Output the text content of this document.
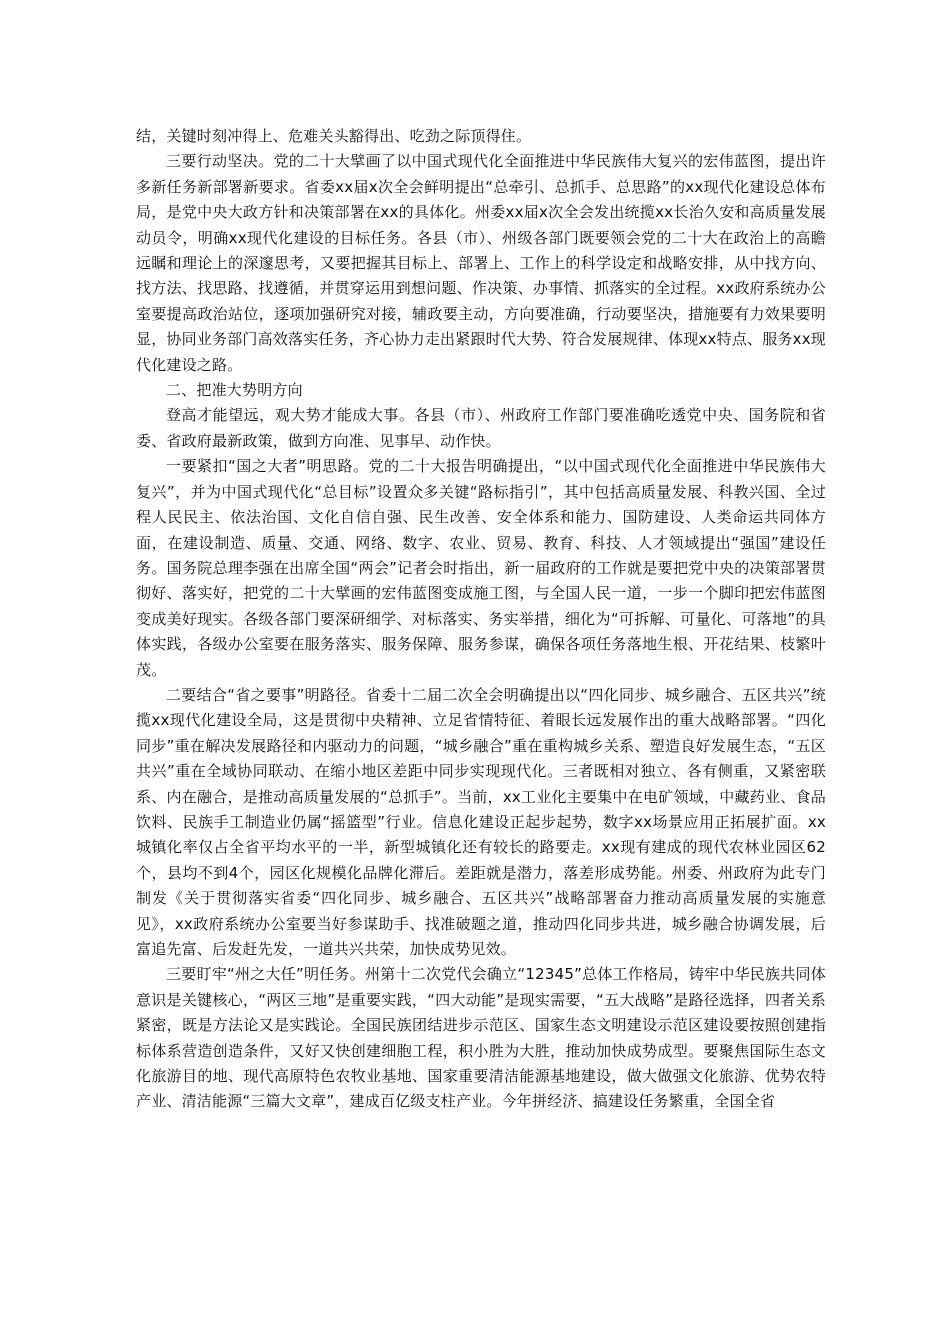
结，关键时刻冲得上、危难关头豁得出、吃劲之际顶得住。

三要行动坚决。党的二十大擘画了以中国式现代化全面推进中华民族伟大复兴的宏伟蓝图，提出许多新任务新部署新要求。省委xx届x次全会鲜明提出“总牵引、总抓手、总思路”的xx现代化建设总体布局，是党中央大政方针和决策部署在xx的具体化。州委xx届x次全会发出统揽xx长治久安和高质量发展动员令，明确xx现代化建设的目标任务。各县（市）、州级各部门既要领会党的二十大在政治上的高瞻远瞩和理论上的深邃思考，又要把握其目标上、部署上、工作上的科学设定和战略安排，从中找方向、找方法、找思路、找遵循，并贯穿运用到想问题、作决策、办事情、抓落实的全过程。xx政府系统办公室要提高政治站位，逐项加强研究对接，辅政要主动，方向要准确，行动要坚决，措施要有力效果要明显，协同业务部门高效落实任务，齐心协力走出紧跟时代大势、符合发展规律、体现xx特点、服务xx现代化建设之路。

二、把准大势明方向

登高才能望远，观大势才能成大事。各县（市）、州政府工作部门要准确吃透党中央、国务院和省委、省政府最新政策，做到方向准、见事早、动作快。

一要紧扣“国之大者”明思路。党的二十大报告明确提出，“以中国式现代化全面推进中华民族伟大复兴”，并为中国式现代化“总目标”设置众多关键“路标指引”，其中包括高质量发展、科教兴国、全过程人民民主、依法治国、文化自信自强、民生改善、安全体系和能力、国防建设、人类命运共同体方面，在建设制造、质量、交通、网络、数字、农业、贸易、教育、科技、人才领域提出“强国”建设任务。国务院总理李强在出席全国“两会”记者会时指出，新一届政府的工作就是要把党中央的决策部署贯彻好、落实好，把党的二十大擘画的宏伟蓝图变成施工图，与全国人民一道，一步一个脚印把宏伟蓝图变成美好现实。各级各部门要深研细学、对标落实、务实举措，细化为“可拆解、可量化、可落地”的具体实践，各级办公室要在服务落实、服务保障、服务参谋，确保各项任务落地生根、开花结果、枝繁叶茂。

二要结合“省之要事”明路径。省委十二届二次全会明确提出以“四化同步、城乡融合、五区共兴”统揽xx现代化建设全局，这是贯彻中央精神、立足省情特征、着眼长远发展作出的重大战略部署。“四化同步”重在解决发展路径和内驱动力的问题，“城乡融合”重在重构城乡关系、塑造良好发展生态，“五区共兴”重在全域协同联动、在缩小地区差距中同步实现现代化。三者既相对独立、各有侧重，又紧密联系、内在融合，是推动高质量发展的“总抓手”。当前，xx工业化主要集中在电矿领域，中藏药业、食品饮料、民族手工制造业仍属“摇篮型”行业。信息化建设正起步起势，数字xx场景应用正拓展扩面。xx城镇化率仅占全省平均水平的一半，新型城镇化还有较长的路要走。xx现有建成的现代农林业园区62个，县均不到4个，园区化规模化品牌化滞后。差距就是潜力，落差形成势能。州委、州政府为此专门制发《关于贯彻落实省委“四化同步、城乡融合、五区共兴”战略部署奋力推动高质量发展的实施意见》，xx政府系统办公室要当好参谋助手、找准破题之道，推动四化同步共进，城乡融合协调发展，后富追先富、后发赶先发，一道共兴共荣，加快成势见效。

三要盯牢“州之大任”明任务。州第十二次党代会确立“12345”总体工作格局，铸牢中华民族共同体意识是关键核心，“两区三地”是重要实践，“四大动能”是现实需要，“五大战略”是路径选择，四者关系紧密，既是方法论又是实践论。全国民族团结进步示范区、国家生态文明建设示范区建设要按照创建指标体系营造创造条件，又好又快创建细胞工程，积小胜为大胜，推动加快成势成型。要聚焦国际生态文化旅游目的地、现代高原特色农牧业基地、国家重要清洁能源基地建设，做大做强文化旅游、优势农特产业、清洁能源“三篇大文章”，建成百亿级支柱产业。今年拼经济、搞建设任务繁重，全国全省
